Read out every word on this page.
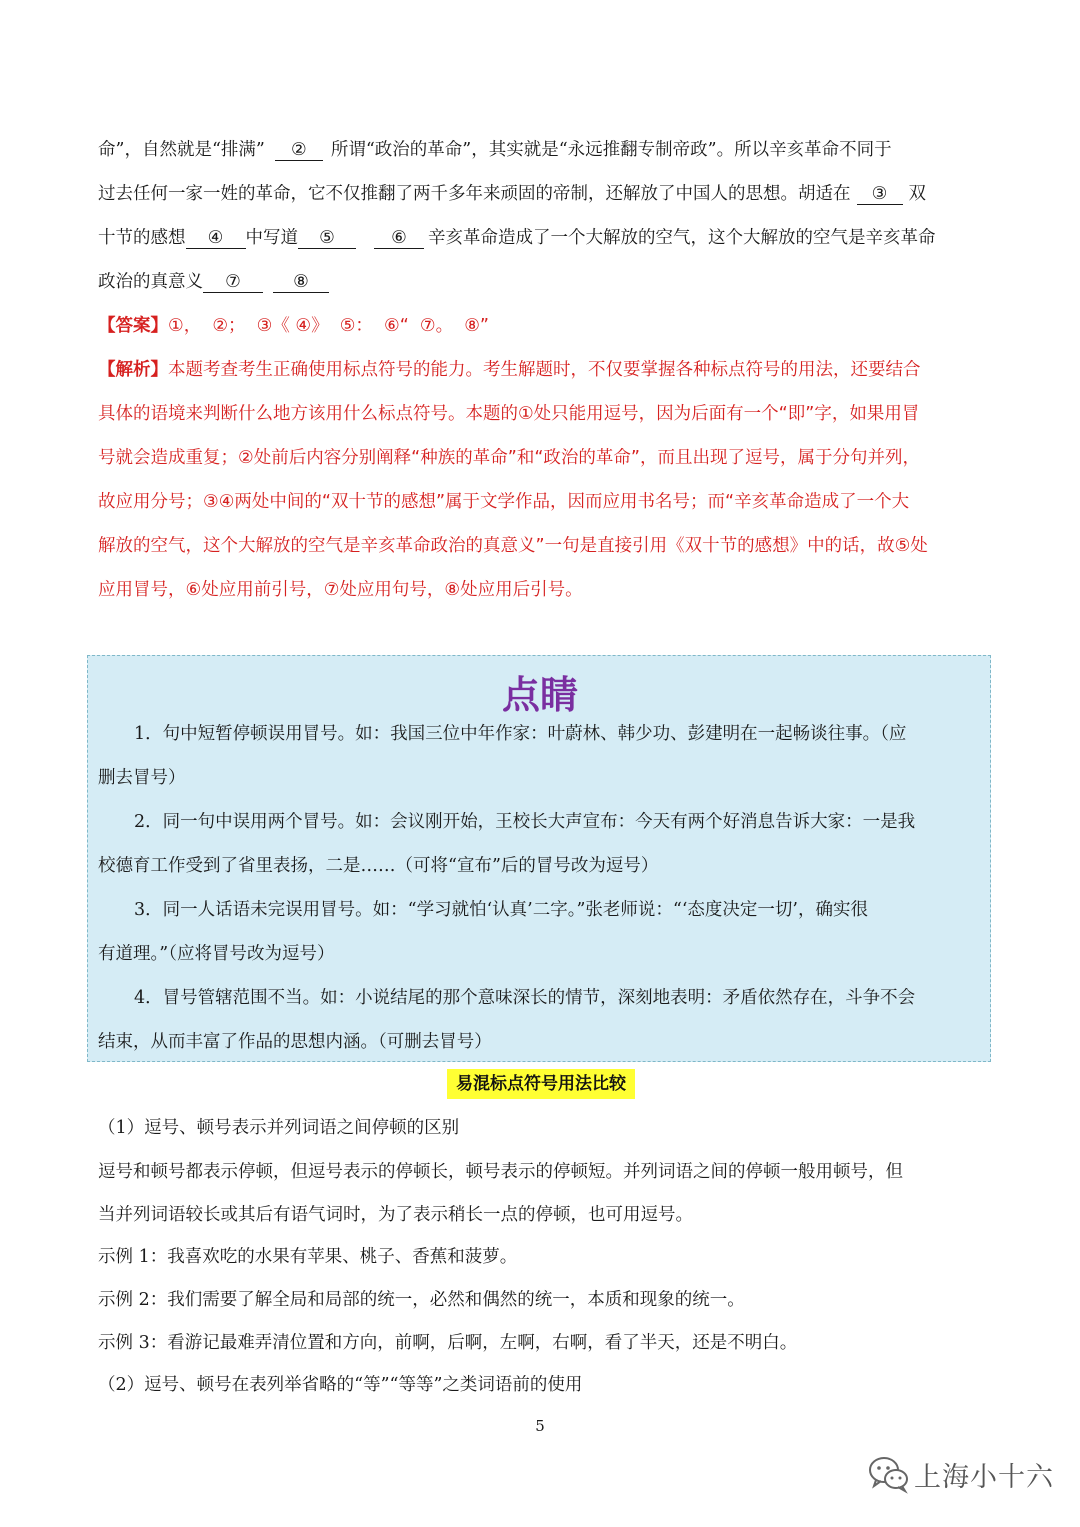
命”，自然就是“排满” ② 所谓“政治的革命”，其实就是“永远推翻专制帝政”。所以辛亥革命不同于
过去任何一家一姓的革命，它不仅推翻了两千多年来顽固的帝制，还解放了中国人的思想。胡适在 ③ 双
十节的感想 ④ 中写道 ⑤	⑥ 辛亥革命造成了一个大解放的空气，这个大解放的空气是辛亥革命
政治的真意义 ⑦	⑧
【答案】①，  ②；  ③《 ④》  ⑤：  ⑥“  ⑦。  ⑧”
【解析】本题考查考生正确使用标点符号的能力。考生解题时，不仅要掌握各种标点符号的用法，还要结合
具体的语境来判断什么地方该用什么标点符号。本题的①处只能用逗号，因为后面有一个“即”字，如果用冒
号就会造成重复；②处前后内容分别阐释“种族的革命”和“政治的革命”，而且出现了逗号，属于分句并列，
故应用分号；③④两处中间的“双十节的感想”属于文学作品，因而应用书名号；而“辛亥革命造成了一个大
解放的空气，这个大解放的空气是辛亥革命政治的真意义”一句是直接引用《双十节的感想》中的话，故⑤处
应用冒号，⑥处应用前引号，⑦处应用句号，⑧处应用后引号。
点睛
1．句中短暂停顿误用冒号。如：我国三位中年作家：叶蔚林、韩少功、彭建明在一起畅谈往事。（应
删去冒号）
2．同一句中误用两个冒号。如：会议刚开始，王校长大声宣布：今天有两个好消息告诉大家：一是我
校德育工作受到了省里表扬，二是……（可将“宣布”后的冒号改为逗号）
3．同一人话语未完误用冒号。如：“学习就怕‘认真’二字。”张老师说：“‘态度决定一切’，确实很
有道理。”（应将冒号改为逗号）
4．冒号管辖范围不当。如：小说结尾的那个意味深长的情节，深刻地表明：矛盾依然存在，斗争不会
结束，从而丰富了作品的思想内涵。（可删去冒号）
易混标点符号用法比较
（1）逗号、顿号表示并列词语之间停顿的区别
逗号和顿号都表示停顿，但逗号表示的停顿长，顿号表示的停顿短。并列词语之间的停顿一般用顿号，但
当并列词语较长或其后有语气词时，为了表示稍长一点的停顿，也可用逗号。
示例 1：我喜欢吃的水果有苹果、桃子、香蕉和菠萝。
示例 2：我们需要了解全局和局部的统一，必然和偶然的统一，本质和现象的统一。
示例 3：看游记最难弄清位置和方向，前啊，后啊，左啊，右啊，看了半天，还是不明白。
（2）逗号、顿号在表列举省略的“等”“等等”之类词语前的使用
5
上海小十六
